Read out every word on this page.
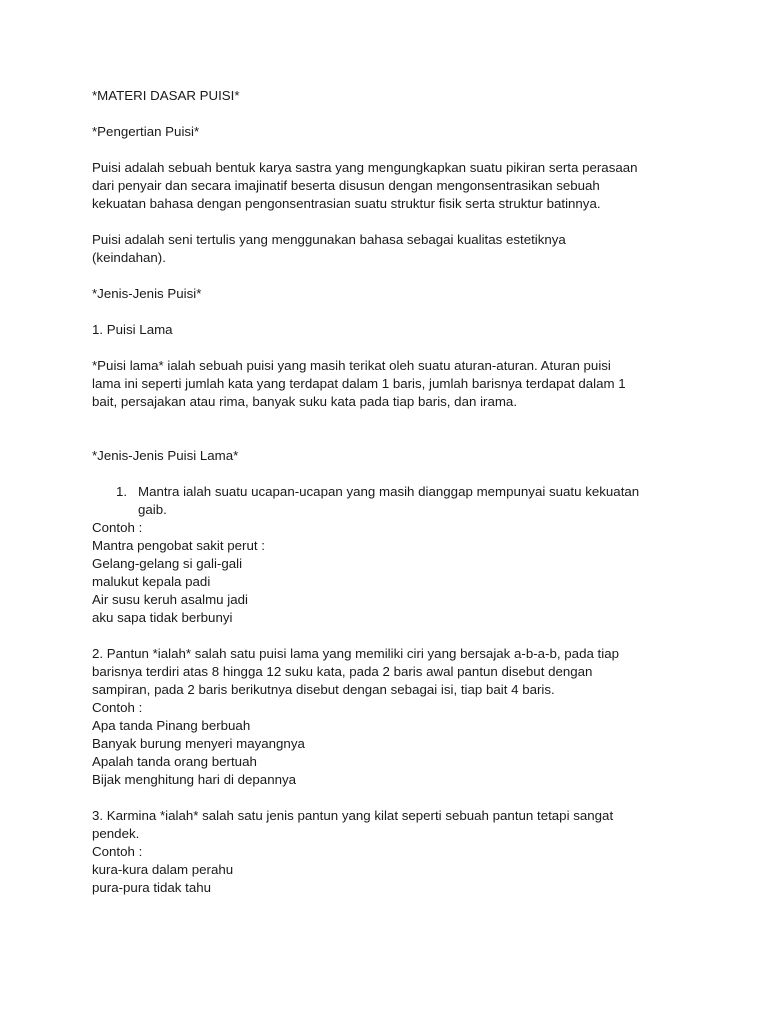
*MATERI DASAR PUISI*
*Pengertian Puisi*
Puisi adalah sebuah bentuk karya sastra yang mengungkapkan suatu pikiran serta perasaan
dari penyair dan secara imajinatif beserta disusun dengan mengonsentrasikan sebuah
kekuatan bahasa dengan pengonsentrasian suatu struktur fisik serta struktur batinnya.
Puisi adalah seni tertulis yang menggunakan bahasa sebagai kualitas estetiknya
(keindahan).
*Jenis-Jenis Puisi*
1. Puisi Lama
*Puisi lama* ialah sebuah puisi yang masih terikat oleh suatu aturan-aturan. Aturan puisi
lama ini seperti jumlah kata yang terdapat dalam 1 baris, jumlah barisnya terdapat dalam 1
bait, persajakan atau rima, banyak suku kata pada tiap baris, dan irama.
*Jenis-Jenis Puisi Lama*
1. Mantra ialah suatu ucapan-ucapan yang masih dianggap mempunyai suatu kekuatan
gaib.
Contoh :
Mantra pengobat sakit perut :
Gelang-gelang si gali-gali
malukut kepala padi
Air susu keruh asalmu jadi
aku sapa tidak berbunyi
2. Pantun *ialah* salah satu puisi lama yang memiliki ciri yang bersajak a-b-a-b, pada tiap
barisnya terdiri atas 8 hingga 12 suku kata, pada 2 baris awal pantun disebut dengan
sampiran, pada 2 baris berikutnya disebut dengan sebagai isi, tiap bait 4 baris.
Contoh :
Apa tanda Pinang berbuah
Banyak burung menyeri mayangnya
Apalah tanda orang bertuah
Bijak menghitung hari di depannya
3. Karmina *ialah* salah satu jenis pantun yang kilat seperti sebuah pantun tetapi sangat
pendek.
Contoh :
kura-kura dalam perahu
pura-pura tidak tahu
